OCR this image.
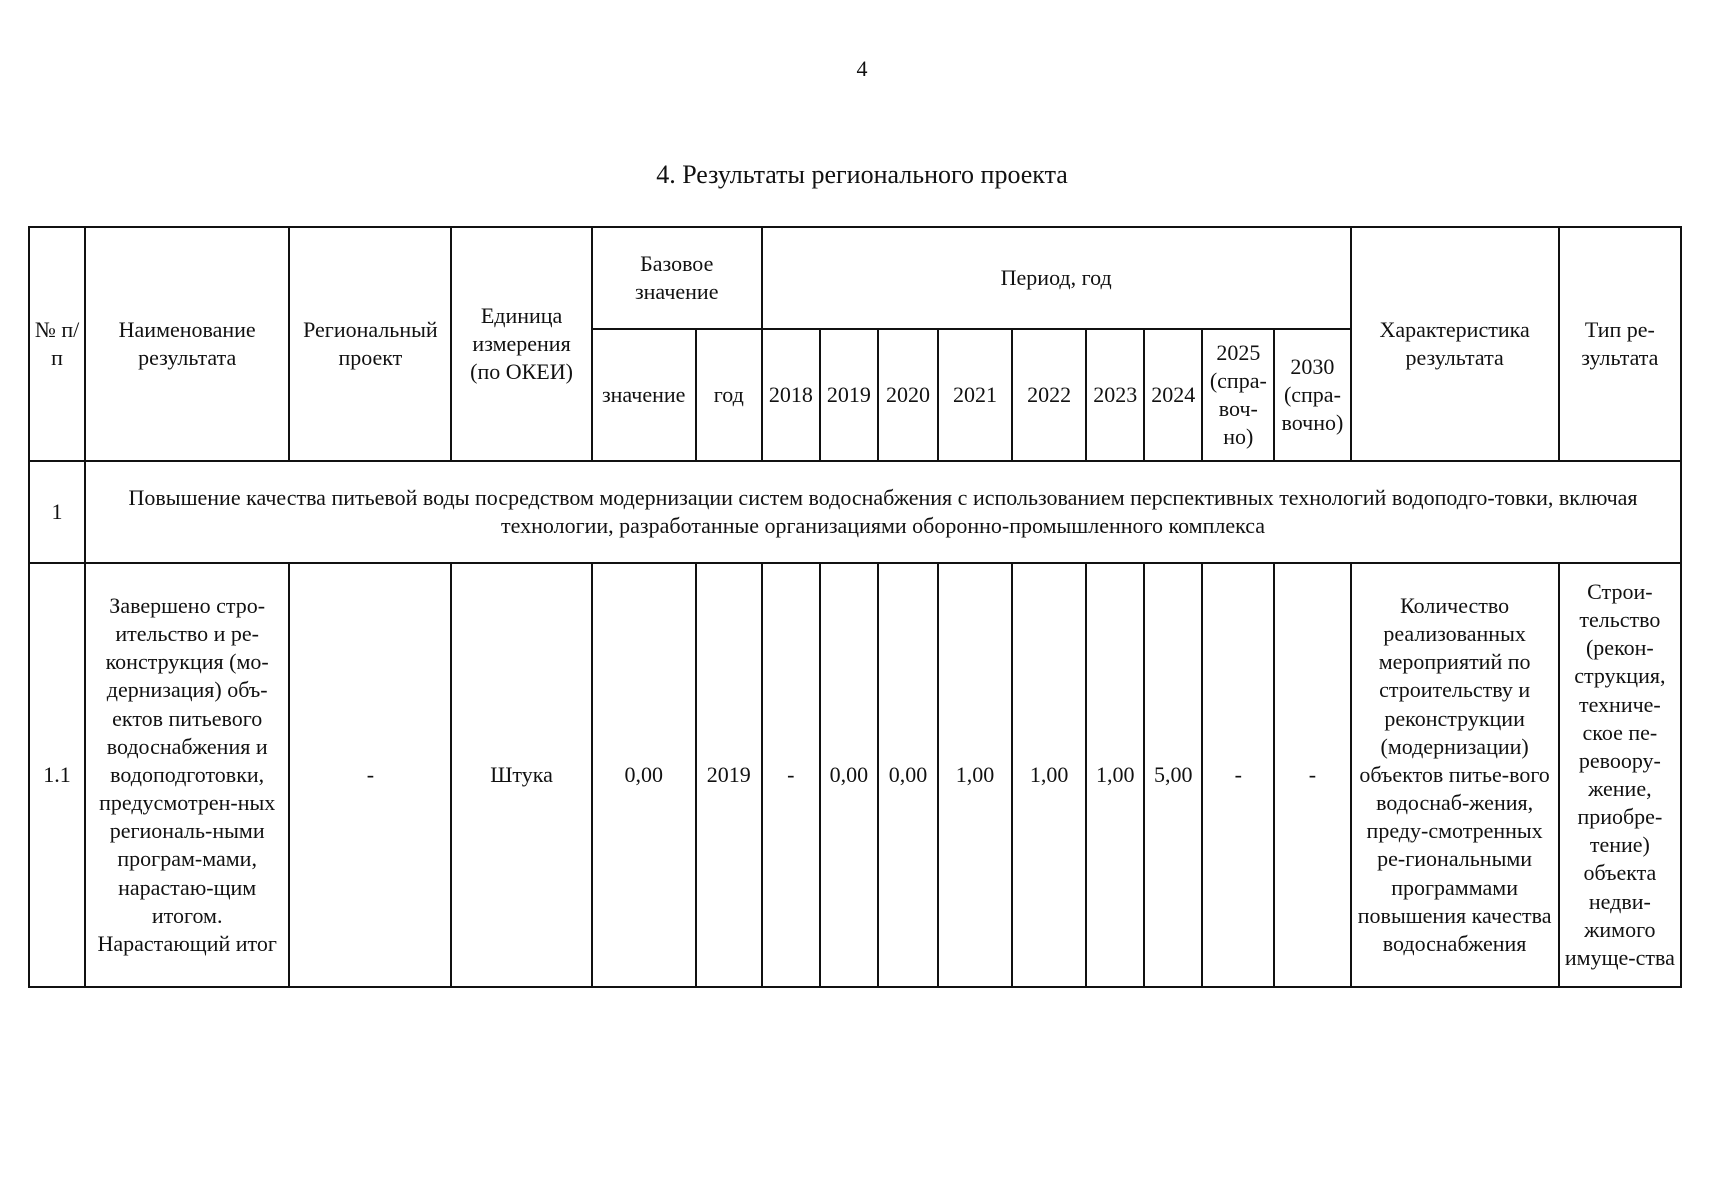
4
4. Результаты регионального проекта
№ п/п	Наименование результата	Региональный проект	Единица измерения (по ОКЕИ)	Базовое значение		Период, год									Характеристика результата	Тип ре-зультата
				значение	год	2018	2019	2020	2021	2022	2023	2024	2025 (спра-воч-но)	2030 (спра-вочно)		
1	Повышение качества питьевой воды посредством модернизации систем водоснабжения с использованием перспективных технологий водоподго-товки, включая технологии, разработанные организациями оборонно-промышленного комплекса															
1.1	Завершено стро-ительство и ре-конструкция (мо-дернизация) объ-ектов питьевого водоснабжения и водоподготовки, предусмотрен-ных региональ-ными програм-мами, нарастаю-щим итогом. Нарастающий итог	-	Штука	0,00	2019	-	0,00	0,00	1,00	1,00	1,00	5,00	-	-	Количество реализованных мероприятий по строительству и реконструкции (модернизации) объектов питье-вого водоснаб-жения, преду-смотренных ре-гиональными программами повышения качества водоснабжения	Строи-тельство (рекон-струкция, техниче-ское пе-ревоору-жение, приобре-тение) объекта недви-жимого имуще-ства
